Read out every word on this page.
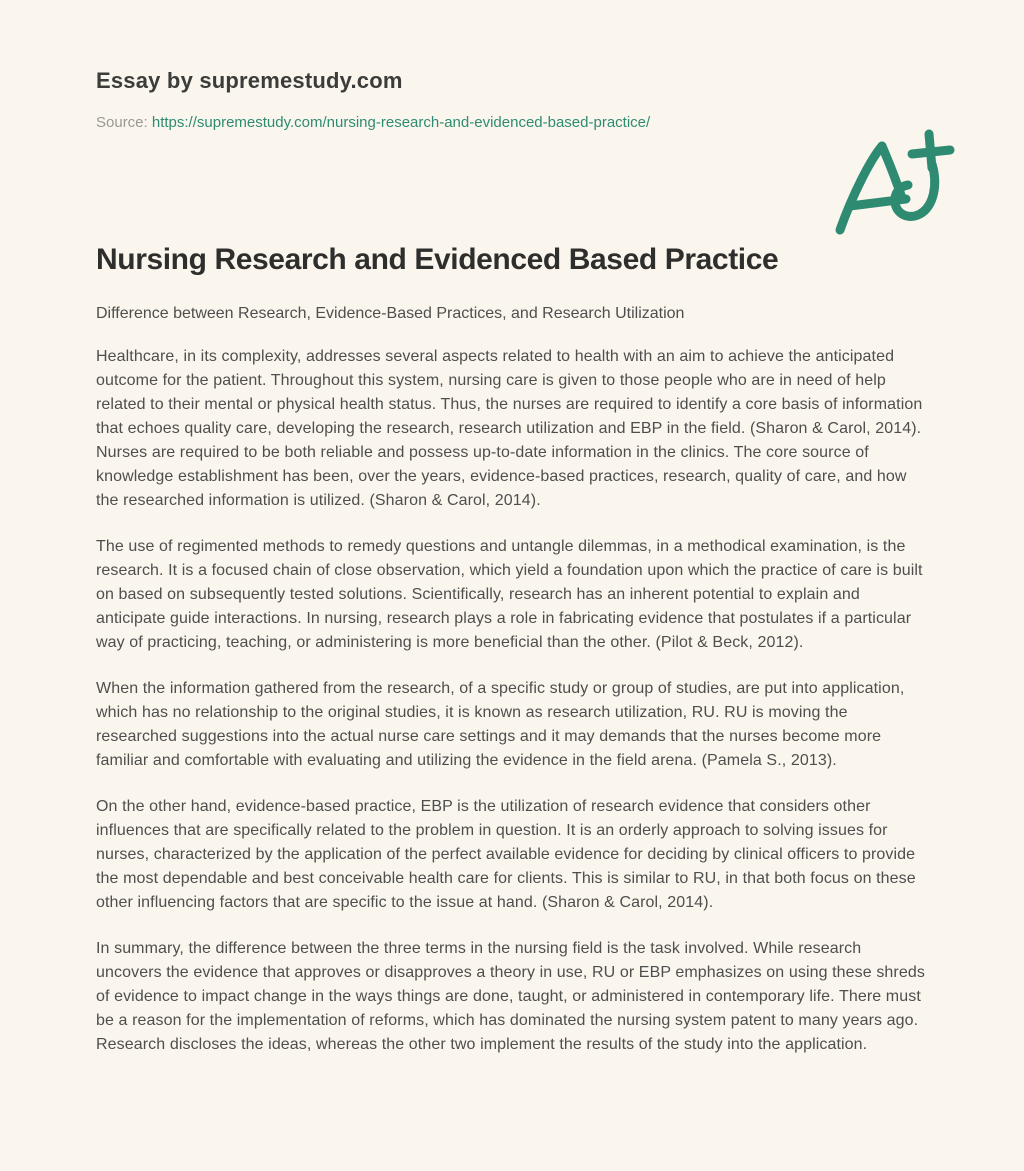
Essay by supremestudy.com
Source: https://supremestudy.com/nursing-research-and-evidenced-based-practice/
Nursing Research and Evidenced Based Practice

Difference between Research, Evidence-Based Practices, and Research Utilization

Healthcare, in its complexity, addresses several aspects related to health with an aim to achieve the anticipated outcome for the patient. Throughout this system, nursing care is given to those people who are in need of help related to their mental or physical health status. Thus, the nurses are required to identify a core basis of information that echoes quality care, developing the research, research utilization and EBP in the field. (Sharon & Carol, 2014). Nurses are required to be both reliable and possess up-to-date information in the clinics. The core source of knowledge establishment has been, over the years, evidence-based practices, research, quality of care, and how the researched information is utilized. (Sharon & Carol, 2014).

The use of regimented methods to remedy questions and untangle dilemmas, in a methodical examination, is the research. It is a focused chain of close observation, which yield a foundation upon which the practice of care is built on based on subsequently tested solutions. Scientifically, research has an inherent potential to explain and anticipate guide interactions. In nursing, research plays a role in fabricating evidence that postulates if a particular way of practicing, teaching, or administering is more beneficial than the other. (Pilot & Beck, 2012).

When the information gathered from the research, of a specific study or group of studies, are put into application, which has no relationship to the original studies, it is known as research utilization, RU. RU is moving the researched suggestions into the actual nurse care settings and it may demands that the nurses become more familiar and comfortable with evaluating and utilizing the evidence in the field arena. (Pamela S., 2013).

On the other hand, evidence-based practice, EBP is the utilization of research evidence that considers other influences that are specifically related to the problem in question. It is an orderly approach to solving issues for nurses, characterized by the application of the perfect available evidence for deciding by clinical officers to provide the most dependable and best conceivable health care for clients. This is similar to RU, in that both focus on these other influencing factors that are specific to the issue at hand. (Sharon & Carol, 2014).

In summary, the difference between the three terms in the nursing field is the task involved. While research uncovers the evidence that approves or disapproves a theory in use, RU or EBP emphasizes on using these shreds of evidence to impact change in the ways things are done, taught, or administered in contemporary life. There must be a reason for the implementation of reforms, which has dominated the nursing system patent to many years ago. Research discloses the ideas, whereas the other two implement the results of the study into the application.
